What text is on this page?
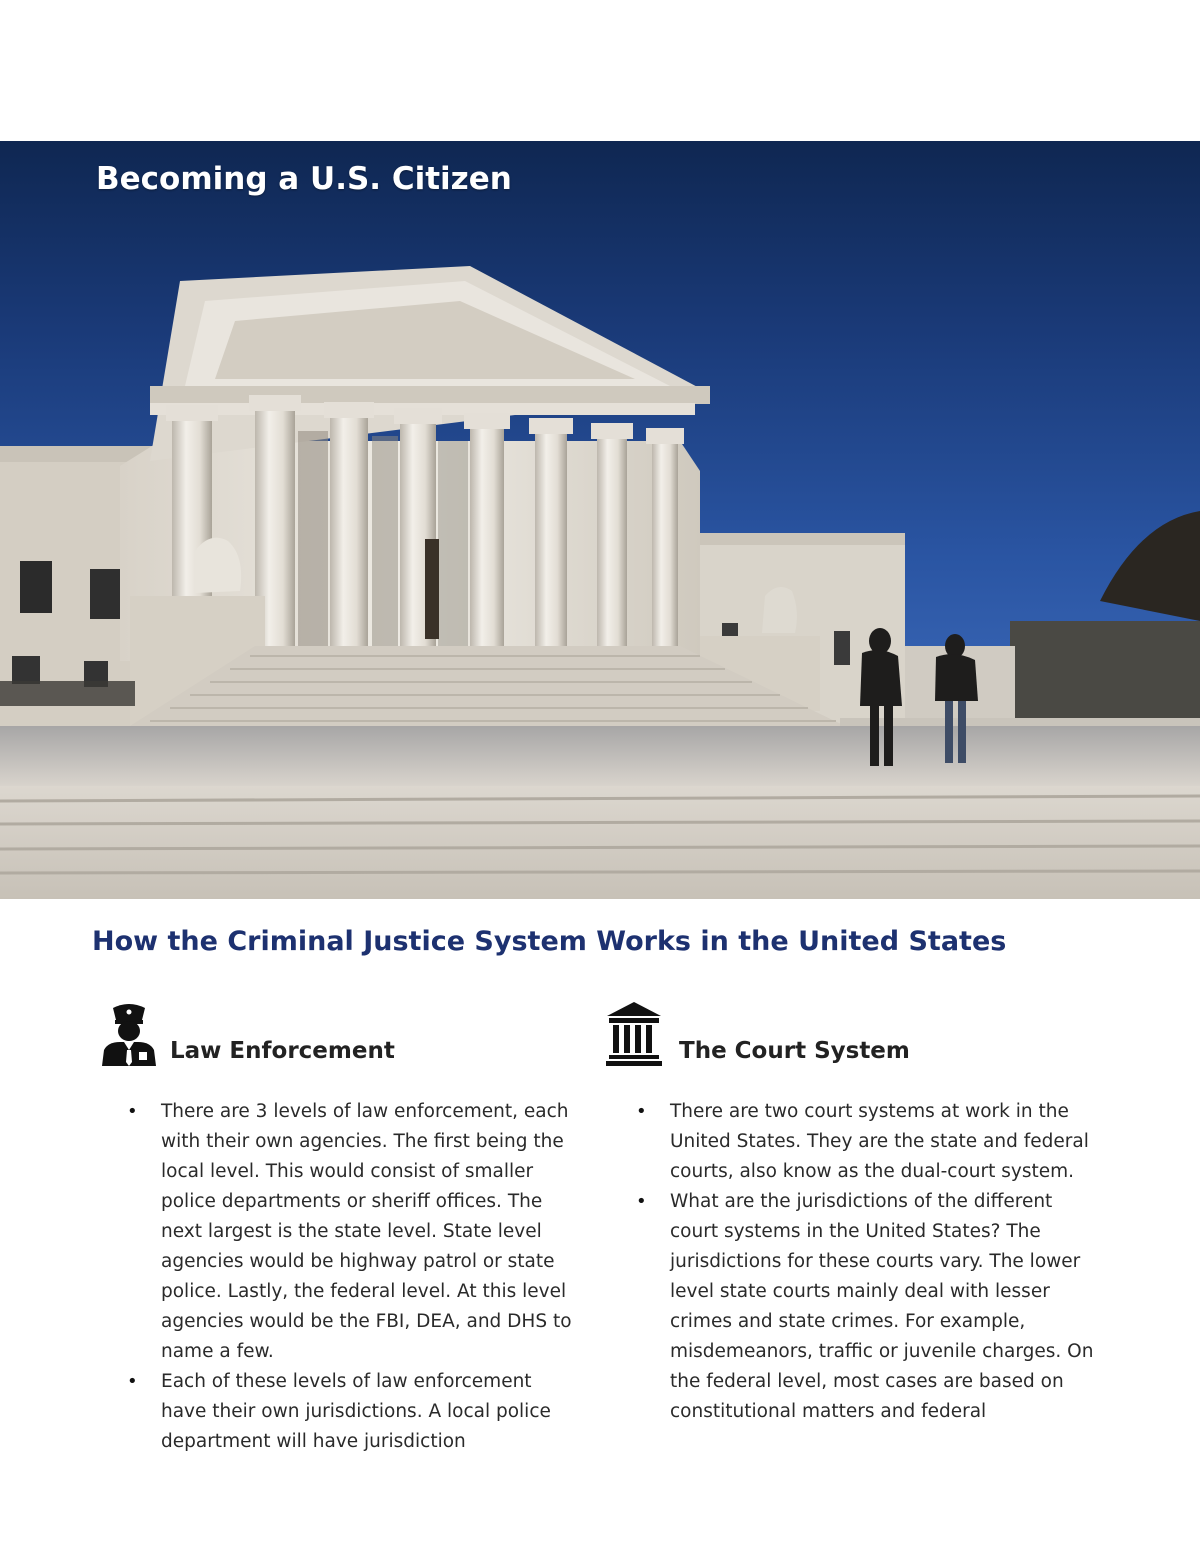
Becoming a U.S. Citizen
How the Criminal Justice System Works in the United States
Law Enforcement
• There are 3 levels of law enforcement, each with their own agencies. The first being the local level. This would consist of smaller police departments or sheriff offices. The next largest is the state level. State level agencies would be highway patrol or state police. Lastly, the federal level. At this level agencies would be the FBI, DEA, and DHS to name a few.
• Each of these levels of law enforcement have their own jurisdictions. A local police department will have jurisdiction
The Court System
• There are two court systems at work in the United States. They are the state and federal courts, also know as the dual-court system.
• What are the jurisdictions of the different court systems in the United States? The jurisdictions for these courts vary. The lower level state courts mainly deal with lesser crimes and state crimes. For example, misdemeanors, traffic or juvenile charges. On the federal level, most cases are based on constitutional matters and federal
